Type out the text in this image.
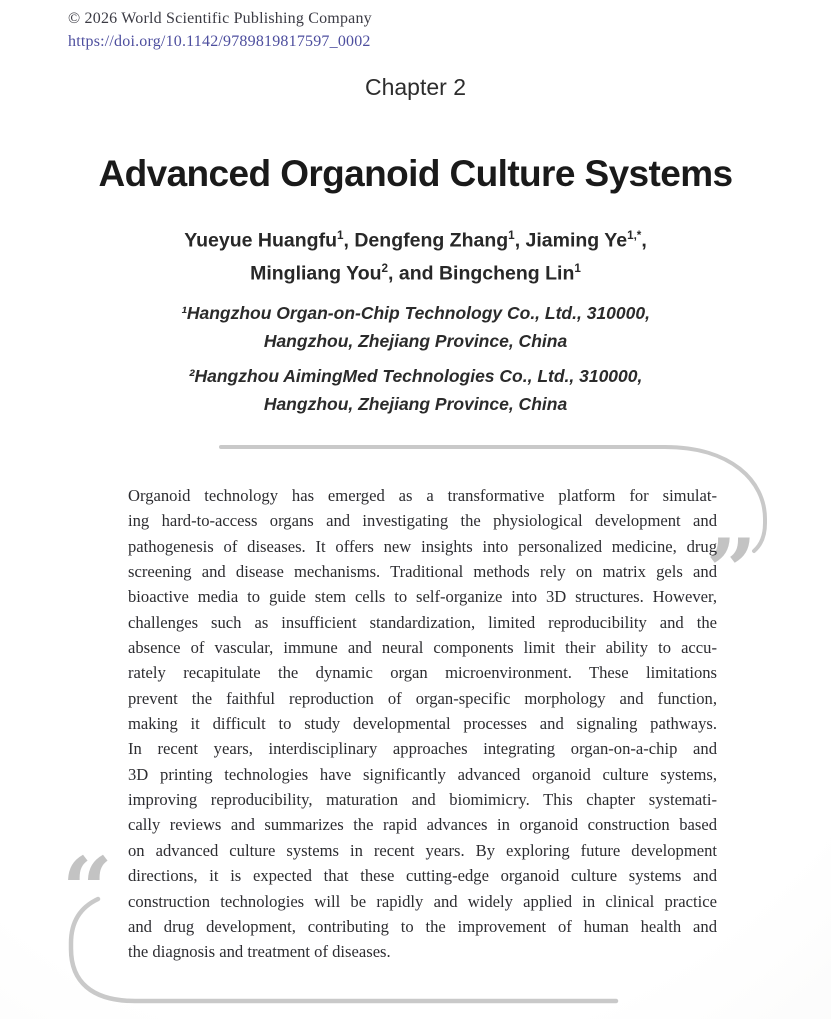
”
“
© 2026 World Scientific Publishing Company
https://doi.org/10.1142/9789819817597_0002
Chapter 2
Advanced Organoid Culture Systems
Yueyue Huangfu$^1$, Dengfeng Zhang$^1$, Jiaming $Ye^{1,*}$,
Mingliang You$^2$, and Bingcheng Lin$^1$
¹Hangzhou Organ-on-Chip Technology Co., Ltd., 310000,
Hangzhou, Zhejiang Province, China
²Hangzhou AimingMed Technologies Co., Ltd., 310000,
Hangzhou, Zhejiang Province, China
Organoid technology has emerged as a transformative platform for simulat-
ing hard-to-access organs and investigating the physiological development and
pathogenesis of diseases. It offers new insights into personalized medicine, drug
screening and disease mechanisms. Traditional methods rely on matrix gels and
bioactive media to guide stem cells to self-organize into 3D structures. However,
challenges such as insufficient standardization, limited reproducibility and the
absence of vascular, immune and neural components limit their ability to accu-
rately recapitulate the dynamic organ microenvironment. These limitations
prevent the faithful reproduction of organ-specific morphology and function,
making it difficult to study developmental processes and signaling pathways.
In recent years, interdisciplinary approaches integrating organ-on-a-chip and
3D printing technologies have significantly advanced organoid culture systems,
improving reproducibility, maturation and biomimicry. This chapter systemati-
cally reviews and summarizes the rapid advances in organoid construction based
on advanced culture systems in recent years. By exploring future development
directions, it is expected that these cutting-edge organoid culture systems and
construction technologies will be rapidly and widely applied in clinical practice
and drug development, contributing to the improvement of human health and
the diagnosis and treatment of diseases.
